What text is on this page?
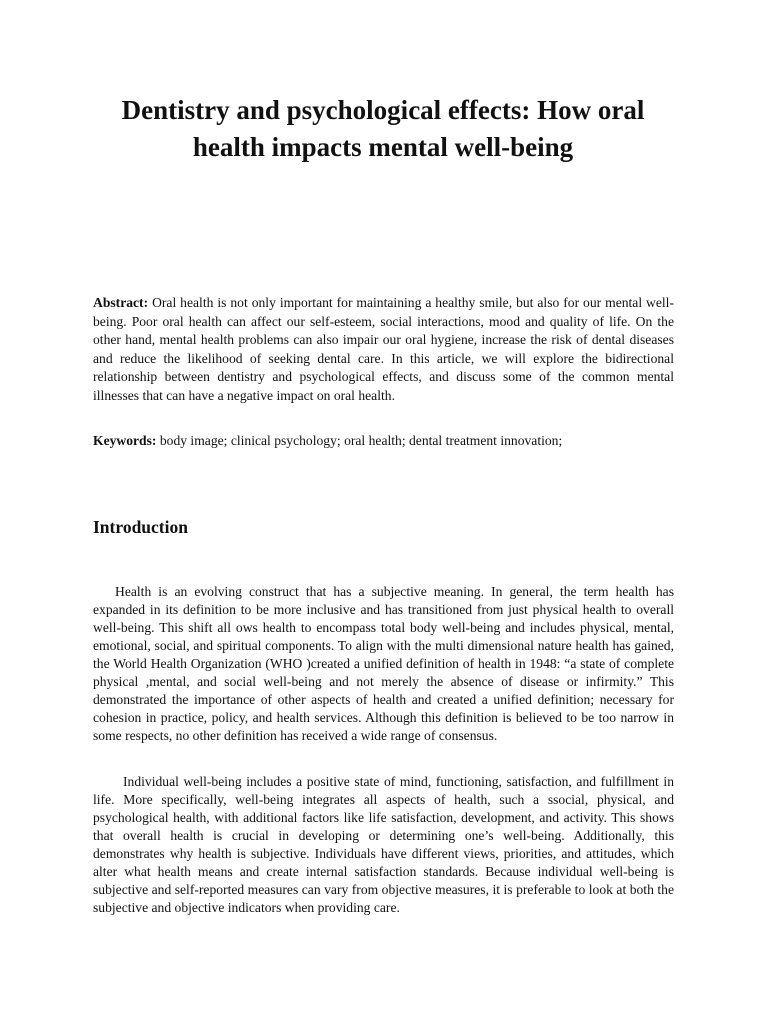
Dentistry and psychological effects: How oral health impacts mental well-being

Abstract: Oral health is not only important for maintaining a healthy smile, but also for our mental well-being. Poor oral health can affect our self-esteem, social interactions, mood and quality of life. On the other hand, mental health problems can also impair our oral hygiene, increase the risk of dental diseases and reduce the likelihood of seeking dental care. In this article, we will explore the bidirectional relationship between dentistry and psychological effects, and discuss some of the common mental illnesses that can have a negative impact on oral health.

Keywords: body image; clinical psychology; oral health; dental treatment innovation;

Introduction

Health is an evolving construct that has a subjective meaning. In general, the term health has expanded in its definition to be more inclusive and has transitioned from just physical health to overall well-being. This shift all ows health to encompass total body well-being and includes physical, mental, emotional, social, and spiritual components. To align with the multi dimensional nature health has gained, the World Health Organization (WHO )created a unified definition of health in 1948: “a state of complete physical ,mental, and social well-being and not merely the absence of disease or infirmity.” This demonstrated the importance of other aspects of health and created a unified definition; necessary for cohesion in practice, policy, and health services. Although this definition is believed to be too narrow in some respects, no other definition has received a wide range of consensus.

Individual well-being includes a positive state of mind, functioning, satisfaction, and fulfillment in life. More specifically, well-being integrates all aspects of health, such a ssocial, physical, and psychological health, with additional factors like life satisfaction, development, and activity. This shows that overall health is crucial in developing or determining one’s well-being. Additionally, this demonstrates why health is subjective. Individuals have different views, priorities, and attitudes, which alter what health means and create internal satisfaction standards. Because individual well-being is subjective and self-reported measures can vary from objective measures, it is preferable to look at both the subjective and objective indicators when providing care.
